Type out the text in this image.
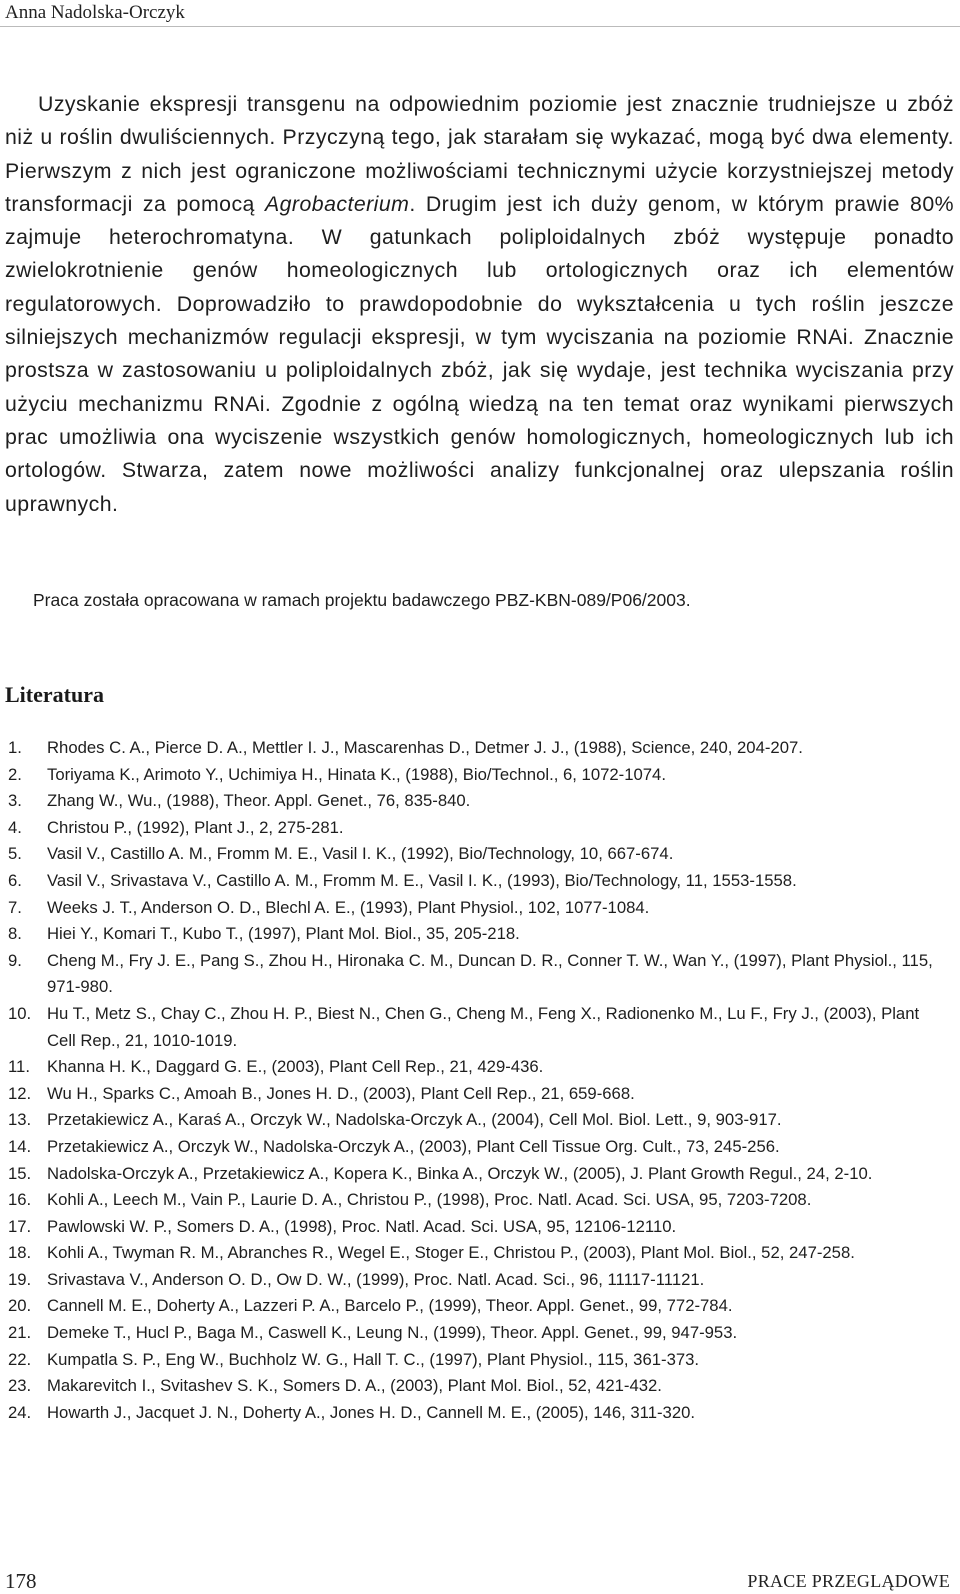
Anna Nadolska-Orczyk

Uzyskanie ekspresji transgenu na odpowiednim poziomie jest znacznie trudniejsze u zbóż niż u roślin dwuliściennych. Przyczyną tego, jak starałam się wykazać, mogą być dwa elementy. Pierwszym z nich jest ograniczone możliwościami technicznymi użycie korzystniejszej metody transformacji za pomocą Agrobacterium. Drugim jest ich duży genom, w którym prawie 80% zajmuje heterochromatyna. W gatunkach poliploidalnych zbóż występuje ponadto zwielokrotnienie genów homeologicznych lub ortologicznych oraz ich elementów regulatorowych. Doprowadziło to prawdopodobnie do wykształcenia u tych roślin jeszcze silniejszych mechanizmów regulacji ekspresji, w tym wyciszania na poziomie RNAi. Znacznie prostsza w zastosowaniu u poliploidalnych zbóż, jak się wydaje, jest technika wyciszania przy użyciu mechanizmu RNAi. Zgodnie z ogólną wiedzą na ten temat oraz wynikami pierwszych prac umożliwia ona wyciszenie wszystkich genów homologicznych, homeologicznych lub ich ortologów. Stwarza, zatem nowe możliwości analizy funkcjonalnej oraz ulepszania roślin uprawnych.

Praca została opracowana w ramach projektu badawczego PBZ-KBN-089/P06/2003.

Literatura
1.	Rhodes C. A., Pierce D. A., Mettler I. J., Mascarenhas D., Detmer J. J., (1988), Science, 240, 204-207.
2.	Toriyama K., Arimoto Y., Uchimiya H., Hinata K., (1988), Bio/Technol., 6, 1072-1074.
3.	Zhang W., Wu., (1988), Theor. Appl. Genet., 76, 835-840.
4.	Christou P., (1992), Plant J., 2, 275-281.
5.	Vasil V., Castillo A. M., Fromm M. E., Vasil I. K., (1992), Bio/Technology, 10, 667-674.
6.	Vasil V., Srivastava V., Castillo A. M., Fromm M. E., Vasil I. K., (1993), Bio/Technology, 11, 1553-1558.
7.	Weeks J. T., Anderson O. D., Blechl A. E., (1993), Plant Physiol., 102, 1077-1084.
8.	Hiei Y., Komari T., Kubo T., (1997), Plant Mol. Biol., 35, 205-218.
9.	Cheng M., Fry J. E., Pang S., Zhou H., Hironaka C. M., Duncan D. R., Conner T. W., Wan Y., (1997), Plant Physiol., 115, 971-980.
10. Hu T., Metz S., Chay C., Zhou H. P., Biest N., Chen G., Cheng M., Feng X., Radionenko M., Lu F., Fry J., (2003), Plant Cell Rep., 21, 1010-1019.
11.	Khanna H. K., Daggard G. E., (2003), Plant Cell Rep., 21, 429-436.
12. Wu H., Sparks C., Amoah B., Jones H. D., (2003), Plant Cell Rep., 21, 659-668.
13. Przetakiewicz A., Karaś A., Orczyk W., Nadolska-Orczyk A., (2004), Cell Mol. Biol. Lett., 9, 903-917.
14. Przetakiewicz A., Orczyk W., Nadolska-Orczyk A., (2003), Plant Cell Tissue Org. Cult., 73, 245-256.
15. Nadolska-Orczyk A., Przetakiewicz A., Kopera K., Binka A., Orczyk W., (2005), J. Plant Growth Regul., 24, 2-10.
16. Kohli A., Leech M., Vain P., Laurie D. A., Christou P., (1998), Proc. Natl. Acad. Sci. USA, 95, 7203-7208.
17. Pawlowski W. P., Somers D. A., (1998), Proc. Natl. Acad. Sci. USA, 95, 12106-12110.
18. Kohli A., Twyman R. M., Abranches R., Wegel E., Stoger E., Christou P., (2003), Plant Mol. Biol., 52, 247-258.
19. Srivastava V., Anderson O. D., Ow D. W., (1999), Proc. Natl. Acad. Sci., 96, 11117-11121.
20. Cannell M. E., Doherty A., Lazzeri P. A., Barcelo P., (1999), Theor. Appl. Genet., 99, 772-784.
21. Demeke T., Hucl P., Baga M., Caswell K., Leung N., (1999), Theor. Appl. Genet., 99, 947-953.
22. Kumpatla S. P., Eng W., Buchholz W. G., Hall T. C., (1997), Plant Physiol., 115, 361-373.
23. Makarevitch I., Svitashev S. K., Somers D. A., (2003), Plant Mol. Biol., 52, 421-432.
24. Howarth J., Jacquet J. N., Doherty A., Jones H. D., Cannell M. E., (2005), 146, 311-320.
178	PRACE PRZEGLĄDOWE
